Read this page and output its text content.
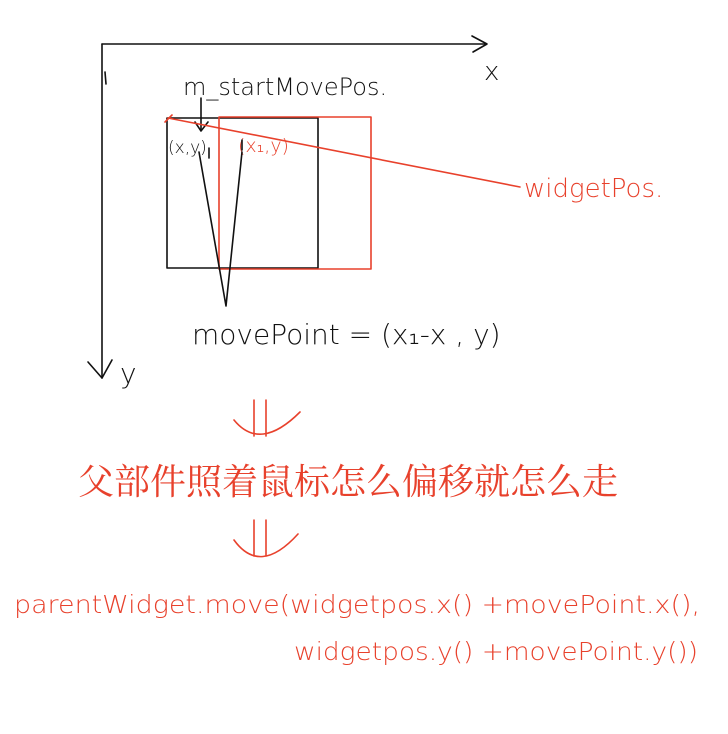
x
y
m_startMovePos.
(x,y) (x₁,y)
widgetPos.
movePoint = (x₁-x , y)
父部件照着鼠标怎么偏移就怎么走
parentWidget.move(widgetpos.x() +movePoint.x(),
widgetpos.y() +movePoint.y())
